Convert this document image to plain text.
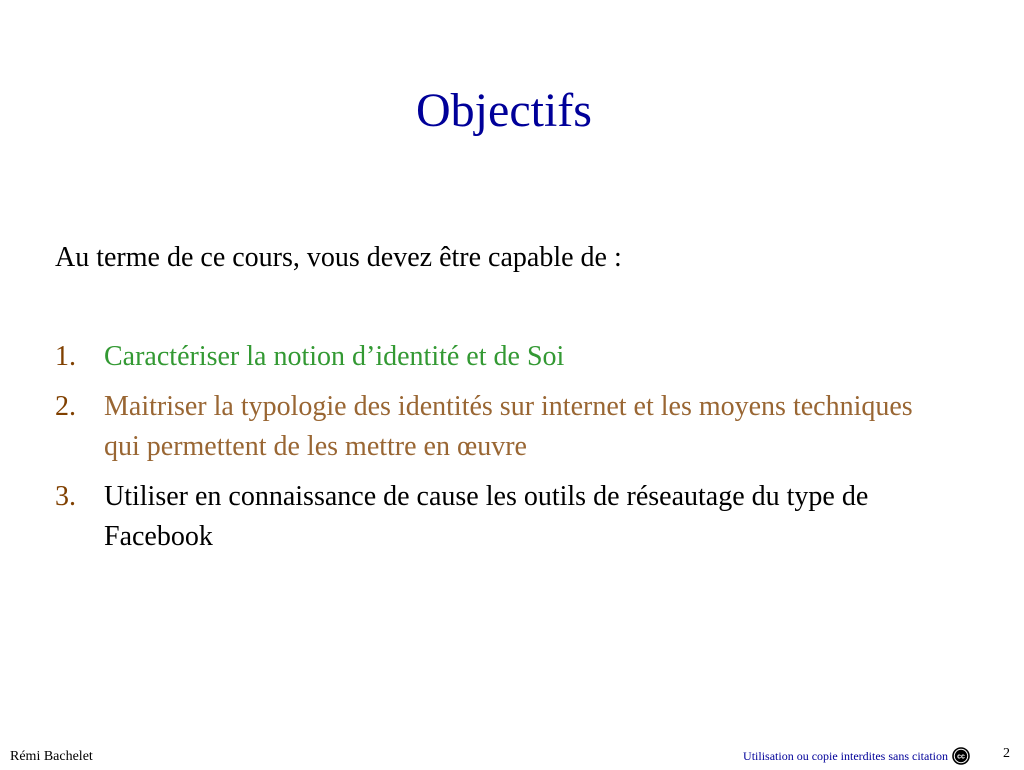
Objectifs
Au terme de ce cours, vous devez être capable de :
1. Caractériser la notion d’identité et de Soi
2. Maitriser la typologie des identités sur internet et les moyens techniques qui permettent de les mettre en œuvre
3. Utiliser en connaissance de cause les outils de réseautage du type de Facebook
Rémi Bachelet	Utilisation ou copie interdites sans citation cc	2
